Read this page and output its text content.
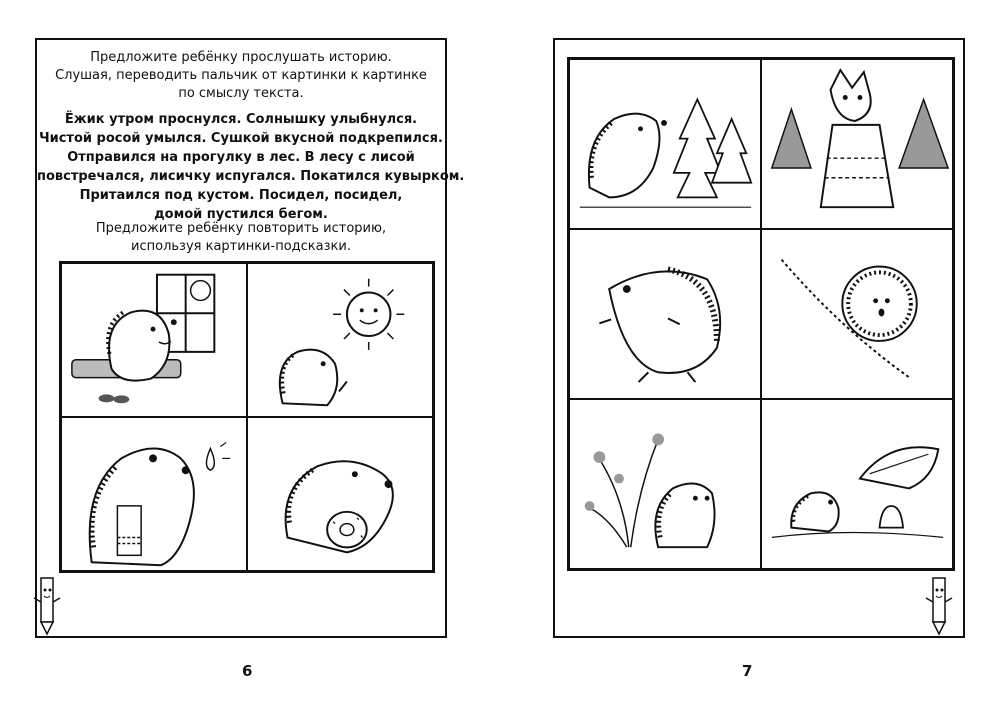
Предложите ребёнку прослушать историю.
Слушая, переводить пальчик от картинки к картинке
по смыслу текста.
Ёжик утром проснулся. Солнышку улыбнулся.
Чистой росой умылся. Сушкой вкусной подкрепился.
Отправился на прогулку в лес. В лесу с лисой
повстречался, лисичку испугался. Покатился кувырком.
Притаился под кустом. Посидел, посидел,
домой пустился бегом.
Предложите ребёнку повторить историю,
используя картинки-подсказки.
6	7
